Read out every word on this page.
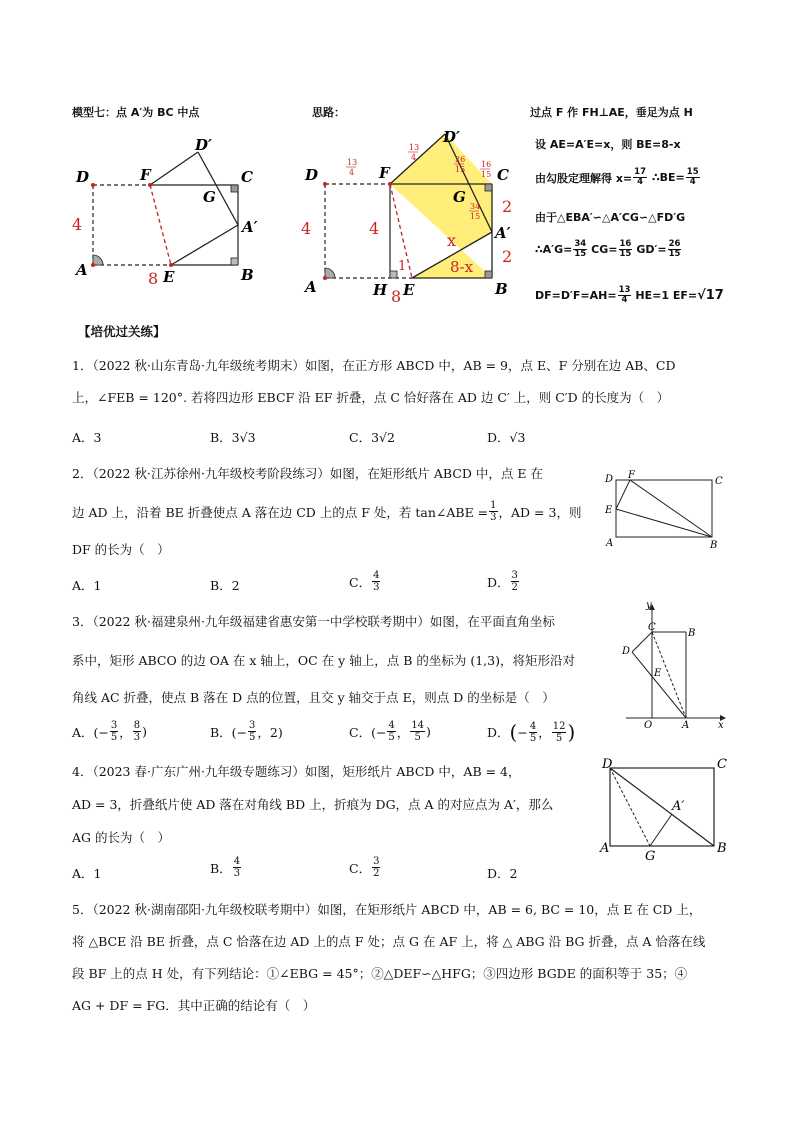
模型七：点 A′为 BC 中点	思路：	过点 F 作 FH⊥AE，垂足为点 H
设 AE=A′E=x，则 BE=8-x
由勾股定理解得 $x= \frac{17}{4}$ ∴BE= $\frac{15}{4}$
由于△EBA′∽△A′CG∽△FD′G
∴A′G= $\frac{34}{15} CG= \frac{16}{15} GD'= \frac{26}{15}$
$DF=D'F=AH= \frac{13}{4} HE=1$ EF= √17
D	C
A	B
F
E
D′
G
A′
4
8
D	C
A	B
F
E
D′
G
A′
H
4	4
8
2
2
x
8-x
1
13
4
13
4	26
15
16
15
34
15
【培优过关练】
1．（2022 秋·山东青岛·九年级统考期末）如图，在正方形 ABCD 中，AB = 9，点 E、F 分别在边 AB、CD
上，∠FEB = 120°. 若将四边形 EBCF 沿 EF 折叠，点 C 恰好落在 AD 边 C′ 上，则 C′D 的长度为（　）
A．3	B．3√3	C．3√2	D．√3
2．（2022 秋·江苏徐州·九年级校考阶段练习）如图，在矩形纸片 ABCD 中，点 E 在
边 AD 上，沿着 BE 折叠使点 A 落在边 CD 上的点 F 处，若 tan∠ABE = $\frac{1}{3}$ ，AD = 3，则
DF 的长为（　）
A．1	B．2	C． $\frac{4}{3}$	D． $\frac{3}{2}$
D F
C
E
A	B
3．（2022 秋·福建泉州·九年级福建省惠安第一中学校联考期中）如图，在平面直角坐标
系中，矩形 ABCO 的边 OA 在 x 轴上，OC 在 y 轴上，点 B 的坐标为 (1,3)，将矩形沿对
角线 AC 折叠，使点 B 落在 D 点的位置，且交 y 轴交于点 E，则点 D 的坐标是（　）
A．(− $\frac{3}{5}$ ， $\frac{8}{3}$ )	B．(− $\frac{3}{5}$ ，2)	C．(− $\frac{4}{5}$ ， $\frac{14}{5}$ )	D． ( − $\frac{4}{5}$ ， $\frac{12}{5}$ )
y
x
C
B
D
E
O	A
4．（2023 春·广东广州·九年级专题练习）如图，矩形纸片 ABCD 中，AB = 4，
AD = 3，折叠纸片使 AD 落在对角线 BD 上，折痕为 DG，点 A 的对应点为 A′，那么
AG 的长为（　）
A．1	B． $\frac{4}{3}$	C． $\frac{3}{2}$	D．2
D	C
A′
A
G
B
5．（2022 秋·湖南邵阳·九年级校联考期中）如图，在矩形纸片 ABCD 中，AB = 6, BC = 10，点 E 在 CD 上，
将 △BCE 沿 BE 折叠，点 C 恰落在边 AD 上的点 F 处；点 G 在 AF 上，将 △ ABG 沿 BG 折叠，点 A 恰落在线
段 BF 上的点 H 处，有下列结论：①∠EBG = 45°；②△DEF∽△HFG；③四边形 BGDE 的面积等于 35；④
AG + DF = FG．其中正确的结论有（　）
